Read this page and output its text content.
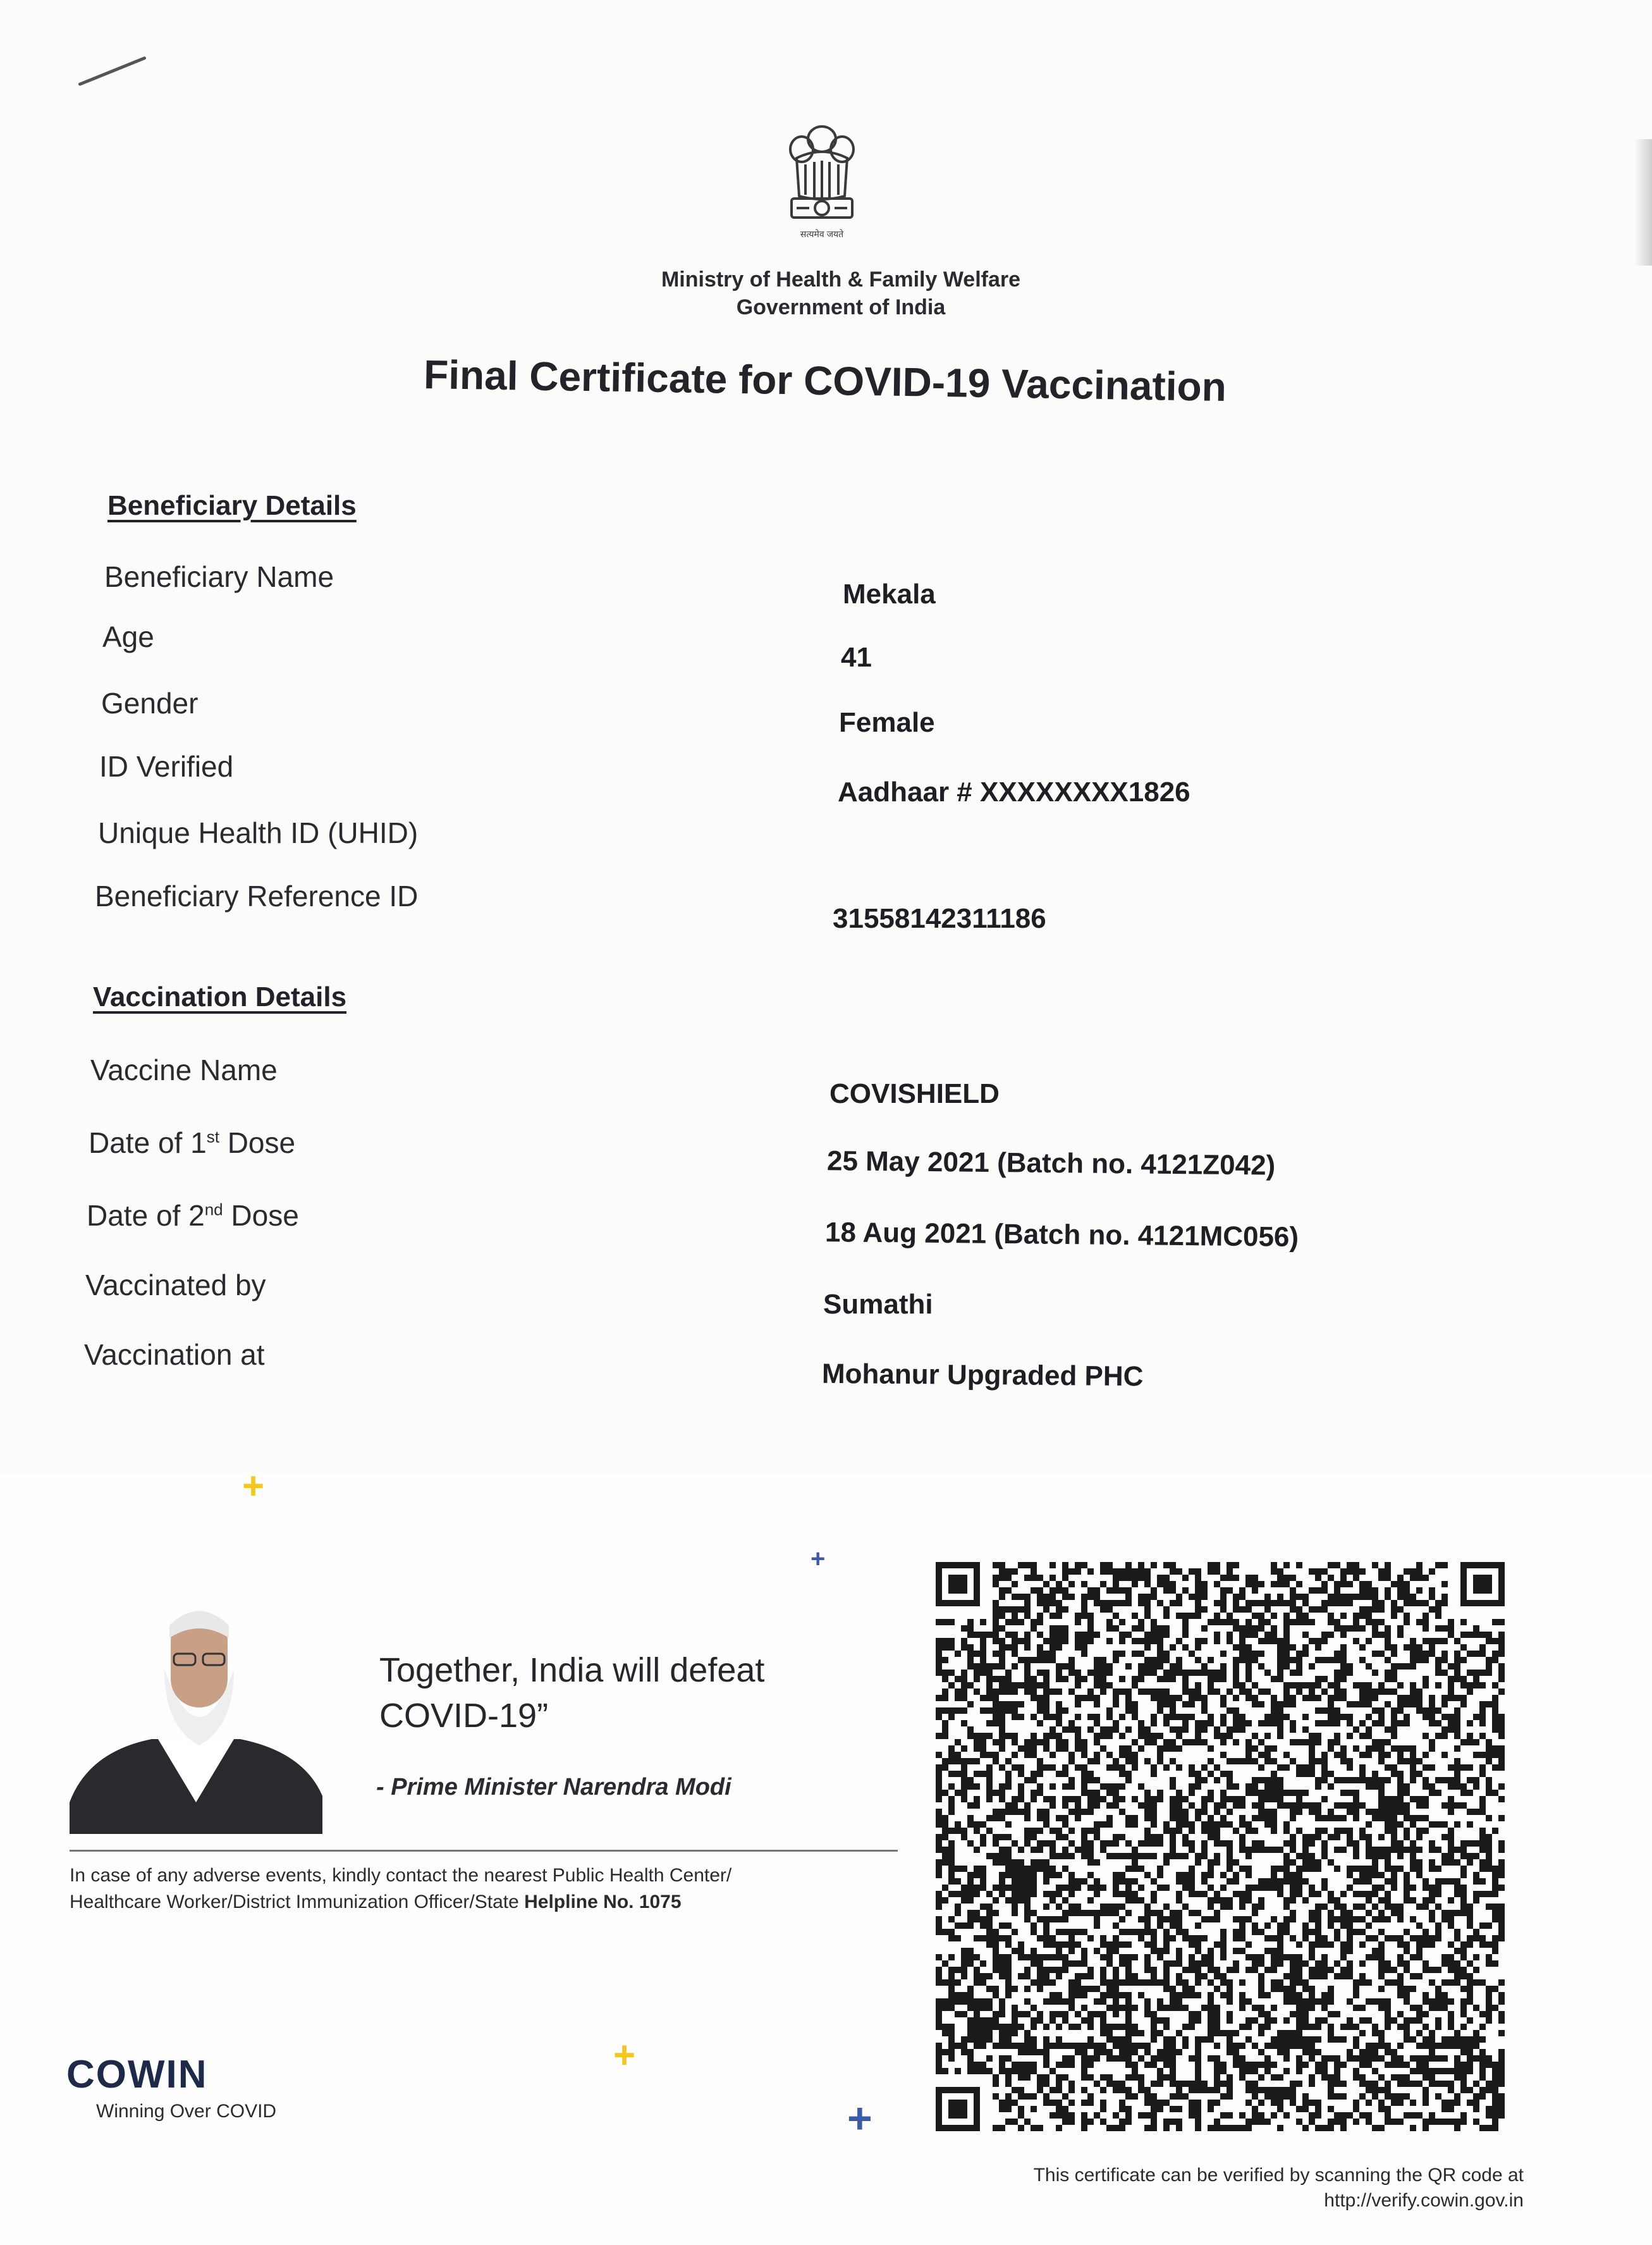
सत्यमेव जयते
Ministry of Health & Family Welfare
Government of India
Final Certificate for COVID-19 Vaccination
Beneficiary Details
Beneficiary Name
Mekala
Age
41
Gender
Female
ID Verified
Aadhaar # XXXXXXXX1826
Unique Health ID (UHID)
Beneficiary Reference ID
31558142311186
Vaccination Details
Vaccine Name
COVISHIELD
Date of 1st Dose
25 May 2021 (Batch no. 4121Z042)
Date of 2nd Dose
18 Aug 2021 (Batch no. 4121MC056)
Vaccinated by
Sumathi
Vaccination at
Mohanur Upgraded PHC
+
+
+
+
Together, India will defeat
COVID-19”
- Prime Minister Narendra Modi
In case of any adverse events, kindly contact the nearest Public Health Center/
Healthcare Worker/District Immunization Officer/State Helpline No. 1075
COWIN
Winning Over COVID
This certificate can be verified by scanning the QR code at
http://verify.cowin.gov.in
